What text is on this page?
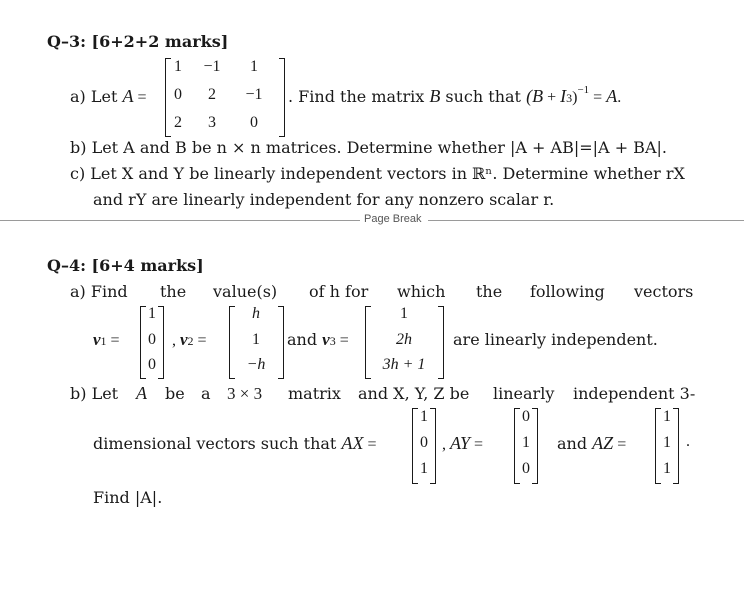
Q–3: [6+2+2 marks]
a) Let A =
1	−1	1
0	2	−1
2	3	0
. Find the matrix B such that $(B + I3)^{-1} = A$.
b) Let A and B be n × n matrices. Determine whether |A + AB|=|A + BA|.
c) Let X and Y be linearly independent vectors in ℝⁿ. Determine whether rX
and rY are linearly independent for any nonzero scalar r.
Page Break
Q–4: [6+4 marks]
a) Find the value(s) of h for which the following vectors
v1 =
1
0
0
, v2 =
h
1
−h
and v3 =
1
2h
3h + 1
are linearly independent.
b) Let A be a 3 × 3 matrix and X, Y, Z be linearly independent 3-
dimensional vectors such that AX =
1
0
1
, AY =
0
1
0
and AZ =
1
1
1
.
Find |A|.
